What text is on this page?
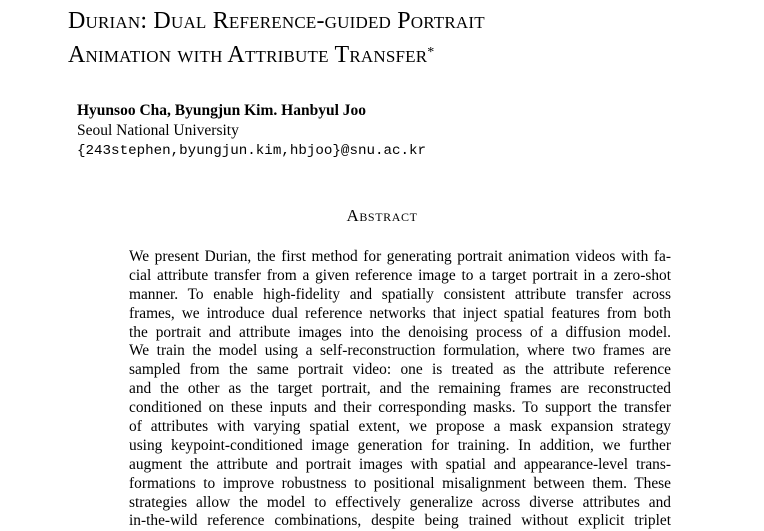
Durian: Dual Reference-guided Portrait
Animation with Attribute Transfer*
Hyunsoo Cha, Byungjun Kim. Hanbyul Joo
Seoul National University
{243stephen,byungjun.kim,hbjoo}@snu.ac.kr
Abstract
We present Durian, the first method for generating portrait animation videos with fa-
cial attribute transfer from a given reference image to a target portrait in a zero-shot
manner. To enable high-fidelity and spatially consistent attribute transfer across
frames, we introduce dual reference networks that inject spatial features from both
the portrait and attribute images into the denoising process of a diffusion model.
We train the model using a self-reconstruction formulation, where two frames are
sampled from the same portrait video: one is treated as the attribute reference
and the other as the target portrait, and the remaining frames are reconstructed
conditioned on these inputs and their corresponding masks. To support the transfer
of attributes with varying spatial extent, we propose a mask expansion strategy
using keypoint-conditioned image generation for training. In addition, we further
augment the attribute and portrait images with spatial and appearance-level trans-
formations to improve robustness to positional misalignment between them. These
strategies allow the model to effectively generalize across diverse attributes and
in-the-wild reference combinations, despite being trained without explicit triplet
